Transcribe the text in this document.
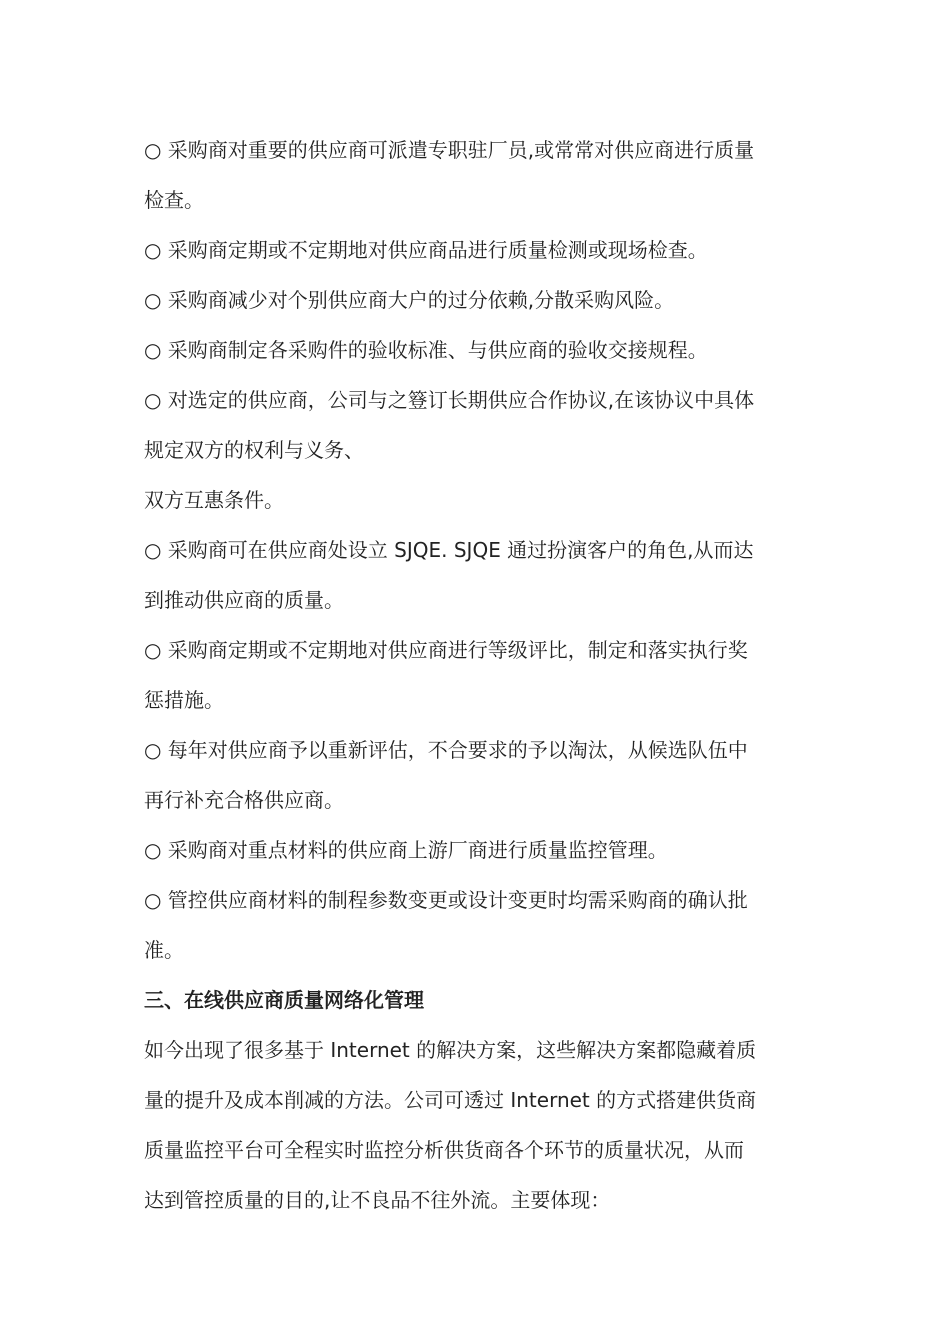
○ 采购商对重要的供应商可派遣专职驻厂员,或常常对供应商进行质量
检查。
○ 采购商定期或不定期地对供应商品进行质量检测或现场检查。
○ 采购商减少对个别供应商大户的过分依赖,分散采购风险。
○ 采购商制定各采购件的验收标准、与供应商的验收交接规程。
○ 对选定的供应商，公司与之簦订长期供应合作协议,在该协议中具体
规定双方的权利与义务、
双方互惠条件。
○ 采购商可在供应商处设立 SJQE. SJQE 通过扮演客户的角色,从而达
到推动供应商的质量。
○ 采购商定期或不定期地对供应商进行等级评比，制定和落实执行奖
惩措施。
○ 每年对供应商予以重新评估，不合要求的予以淘汰，从候选队伍中
再行补充合格供应商。
○ 采购商对重点材料的供应商上游厂商进行质量监控管理。
○ 管控供应商材料的制程参数变更或设计变更时均需采购商的确认批
准。
三、在线供应商质量网络化管理
如今出现了很多基于 Internet 的解决方案，这些解决方案都隐藏着质
量的提升及成本削减的方法。公司可透过 Internet 的方式搭建供货商
质量监控平台可全程实时监控分析供货商各个环节的质量状况，从而
达到管控质量的目的,让不良品不往外流。主要体现：
